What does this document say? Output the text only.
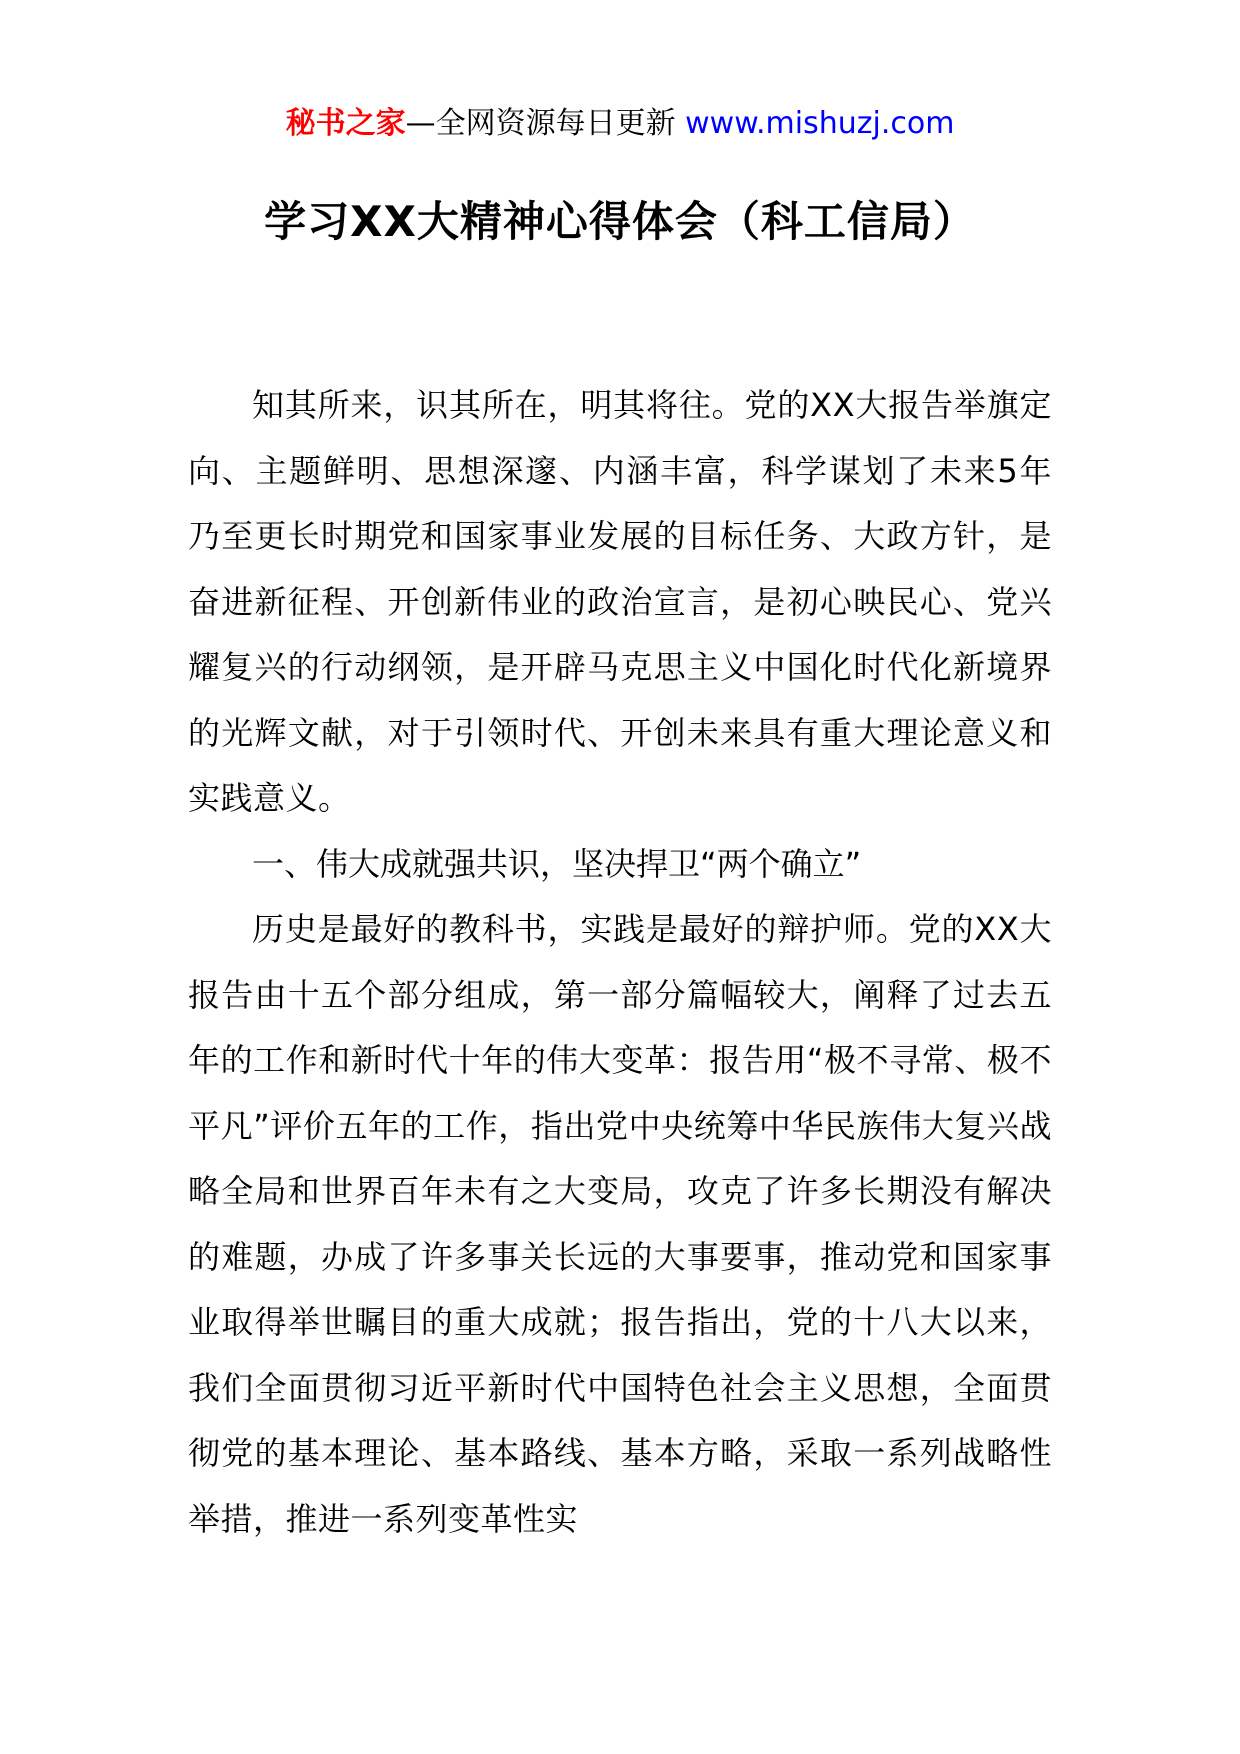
秘书之家—全网资源每日更新 www.mishuzj.com
学习XX大精神心得体会（科工信局）

知其所来，识其所在，明其将往。党的XX大报告举旗定向、主题鲜明、思想深邃、内涵丰富，科学谋划了未来5年乃至更长时期党和国家事业发展的目标任务、大政方针，是奋进新征程、开创新伟业的政治宣言，是初心映民心、党兴耀复兴的行动纲领，是开辟马克思主义中国化时代化新境界的光辉文献，对于引领时代、开创未来具有重大理论意义和实践意义。

一、伟大成就强共识，坚决捍卫“两个确立”

历史是最好的教科书，实践是最好的辩护师。党的XX大报告由十五个部分组成，第一部分篇幅较大，阐释了过去五年的工作和新时代十年的伟大变革：报告用“极不寻常、极不平凡”评价五年的工作，指出党中央统筹中华民族伟大复兴战略全局和世界百年未有之大变局，攻克了许多长期没有解决的难题，办成了许多事关长远的大事要事，推动党和国家事业取得举世瞩目的重大成就；报告指出，党的十八大以来，我们全面贯彻习近平新时代中国特色社会主义思想，全面贯彻党的基本理论、基本路线、基本方略，采取一系列战略性举措，推进一系列变革性实
